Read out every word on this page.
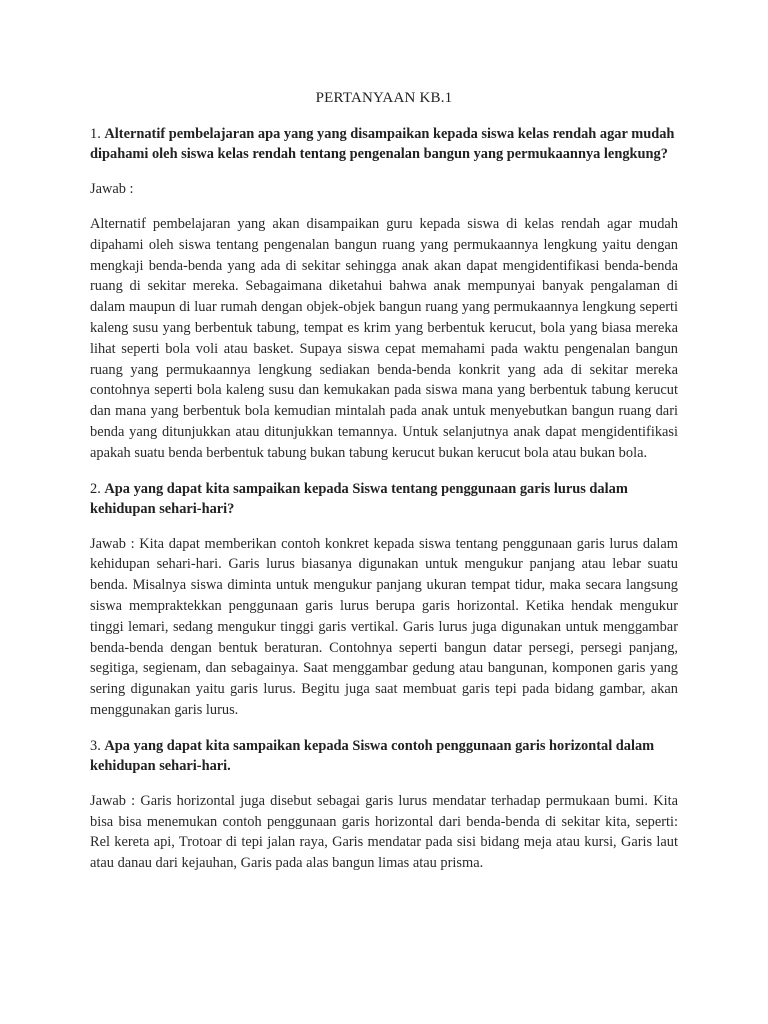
PERTANYAAN KB.1
1. Alternatif pembelajaran apa yang yang disampaikan kepada siswa kelas rendah agar mudah dipahami oleh siswa kelas rendah tentang pengenalan bangun yang permukaannya lengkung?
Jawab :
Alternatif pembelajaran yang akan disampaikan guru kepada siswa di kelas rendah agar mudah dipahami oleh siswa tentang pengenalan bangun ruang yang permukaannya lengkung yaitu dengan mengkaji benda-benda yang ada di sekitar sehingga anak akan dapat mengidentifikasi benda-benda ruang di sekitar mereka. Sebagaimana diketahui bahwa anak mempunyai banyak pengalaman di dalam maupun di luar rumah dengan objek-objek bangun ruang yang permukaannya lengkung seperti kaleng susu yang berbentuk tabung, tempat es krim yang berbentuk kerucut, bola yang biasa mereka lihat seperti bola voli atau basket. Supaya siswa cepat memahami pada waktu pengenalan bangun ruang yang permukaannya lengkung sediakan benda-benda konkrit yang ada di sekitar mereka contohnya seperti bola kaleng susu dan kemukakan pada siswa mana yang berbentuk tabung kerucut dan mana yang berbentuk bola kemudian mintalah pada anak untuk menyebutkan bangun ruang dari benda yang ditunjukkan atau ditunjukkan temannya. Untuk selanjutnya anak dapat mengidentifikasi apakah suatu benda berbentuk tabung bukan tabung kerucut bukan kerucut bola atau bukan bola.
2. Apa yang dapat kita sampaikan kepada Siswa tentang penggunaan garis lurus dalam kehidupan sehari-hari?
Jawab : Kita dapat memberikan contoh konkret kepada siswa tentang penggunaan garis lurus dalam kehidupan sehari-hari. Garis lurus biasanya digunakan untuk mengukur panjang atau lebar suatu benda. Misalnya siswa diminta untuk mengukur panjang ukuran tempat tidur, maka secara langsung siswa mempraktekkan penggunaan garis lurus berupa garis horizontal. Ketika hendak mengukur tinggi lemari, sedang mengukur tinggi garis vertikal. Garis lurus juga digunakan untuk menggambar benda-benda dengan bentuk beraturan. Contohnya seperti bangun datar persegi, persegi panjang, segitiga, segienam, dan sebagainya. Saat menggambar gedung atau bangunan, komponen garis yang sering digunakan yaitu garis lurus. Begitu juga saat membuat garis tepi pada bidang gambar, akan menggunakan garis lurus.
3. Apa yang dapat kita sampaikan kepada Siswa contoh penggunaan garis horizontal dalam kehidupan sehari-hari.
Jawab : Garis horizontal juga disebut sebagai garis lurus mendatar terhadap permukaan bumi. Kita bisa bisa menemukan contoh penggunaan garis horizontal dari benda-benda di sekitar kita, seperti: Rel kereta api, Trotoar di tepi jalan raya, Garis mendatar pada sisi bidang meja atau kursi, Garis laut atau danau dari kejauhan, Garis pada alas bangun limas atau prisma.
